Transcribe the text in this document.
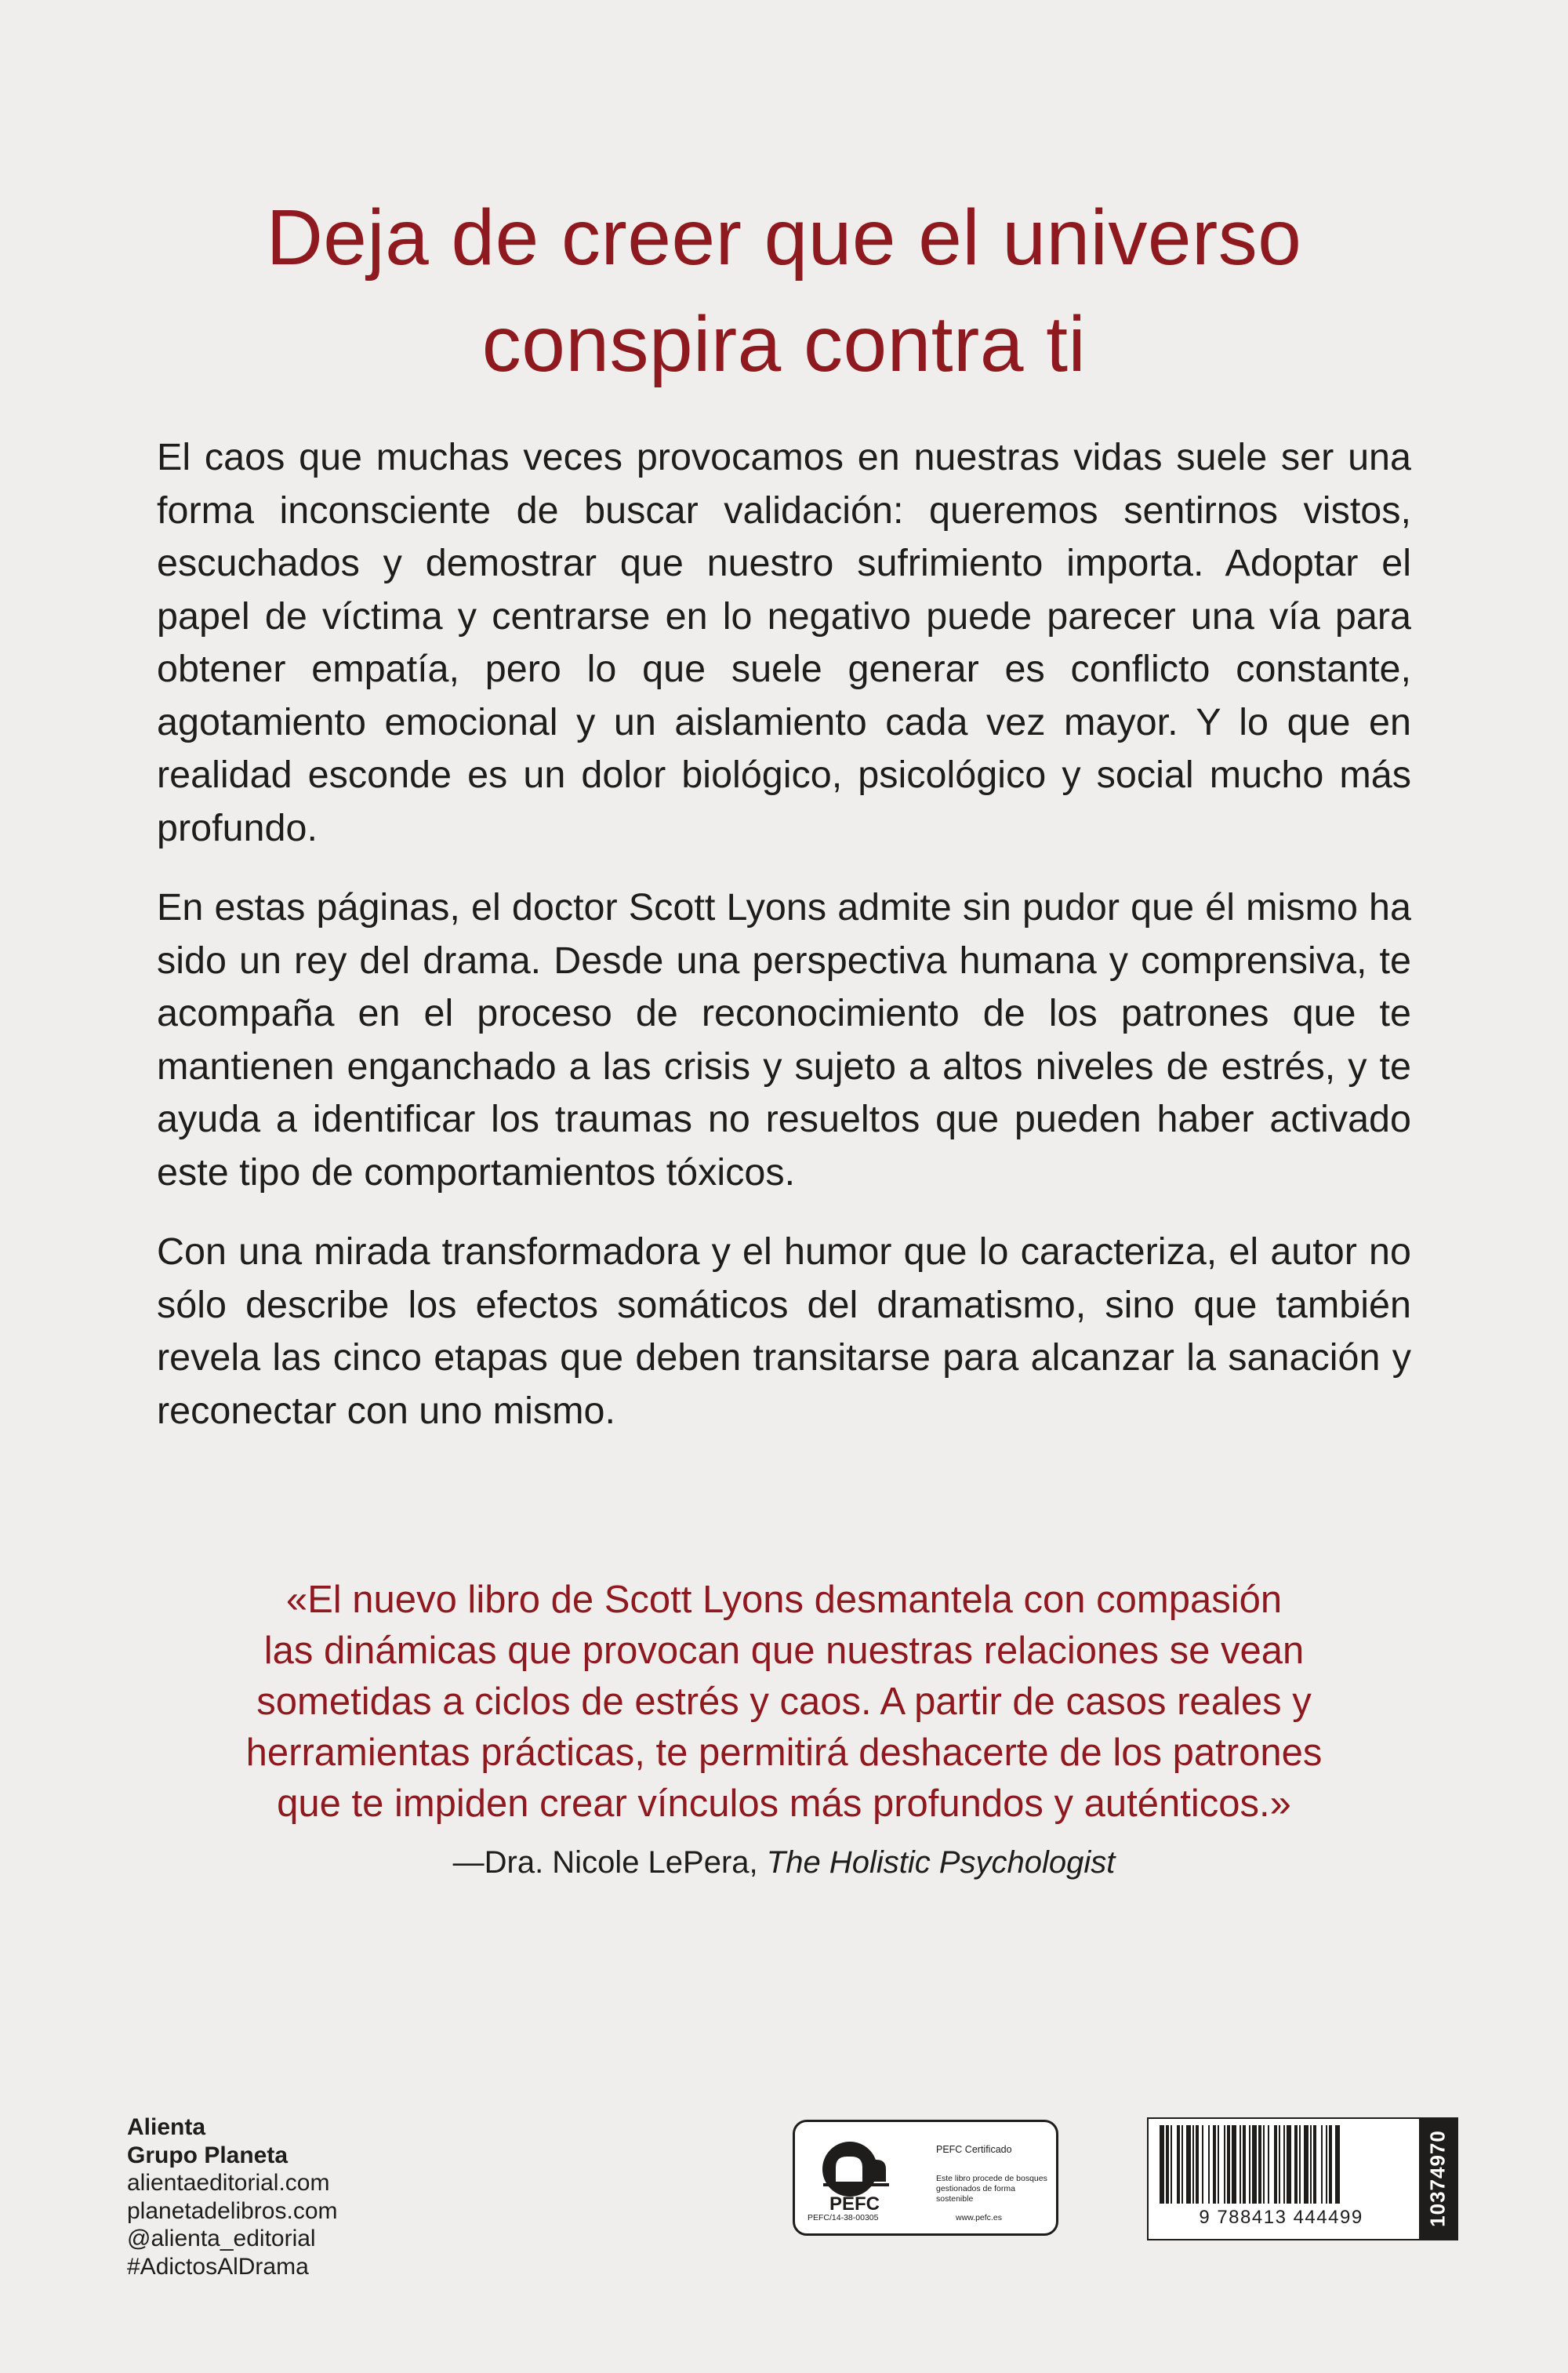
Deja de creer que el universo
conspira contra ti

El caos que muchas veces provocamos en nuestras vidas suele ser una forma inconsciente de buscar validación: queremos sentirnos vistos, escuchados y demostrar que nuestro sufrimiento importa. Adoptar el papel de víctima y centrarse en lo negativo puede parecer una vía para obtener empatía, pero lo que suele generar es conflicto constante, agotamiento emocional y un aislamiento cada vez mayor. Y lo que en realidad esconde es un dolor biológico, psicológico y social mucho más profundo.

En estas páginas, el doctor Scott Lyons admite sin pudor que él mismo ha sido un rey del drama. Desde una perspectiva humana y comprensiva, te acompaña en el proceso de reconocimiento de los patrones que te mantienen enganchado a las crisis y sujeto a altos niveles de estrés, y te ayuda a identificar los traumas no resueltos que pueden haber activado este tipo de comportamientos tóxicos.

Con una mirada transformadora y el humor que lo caracteriza, el autor no sólo describe los efectos somáticos del dramatismo, sino que también revela las cinco etapas que deben transitarse para alcanzar la sanación y reconectar con uno mismo.

«El nuevo libro de Scott Lyons desmantela con compasión
las dinámicas que provocan que nuestras relaciones se vean
sometidas a ciclos de estrés y caos. A partir de casos reales y
herramientas prácticas, te permitirá deshacerte de los patrones
que te impiden crear vínculos más profundos y auténticos.»
—Dra. Nicole LePera, The Holistic Psychologist
Alienta
Grupo Planeta
alientaeditorial.com
planetadelibros.com
@alienta_editorial
#AdictosAlDrama
PEFC
PEFC/14-38-00305
PEFC Certificado
Este libro procede de bosques gestionados de forma sostenible
www.pefc.es	9 788413 444499	10374970
